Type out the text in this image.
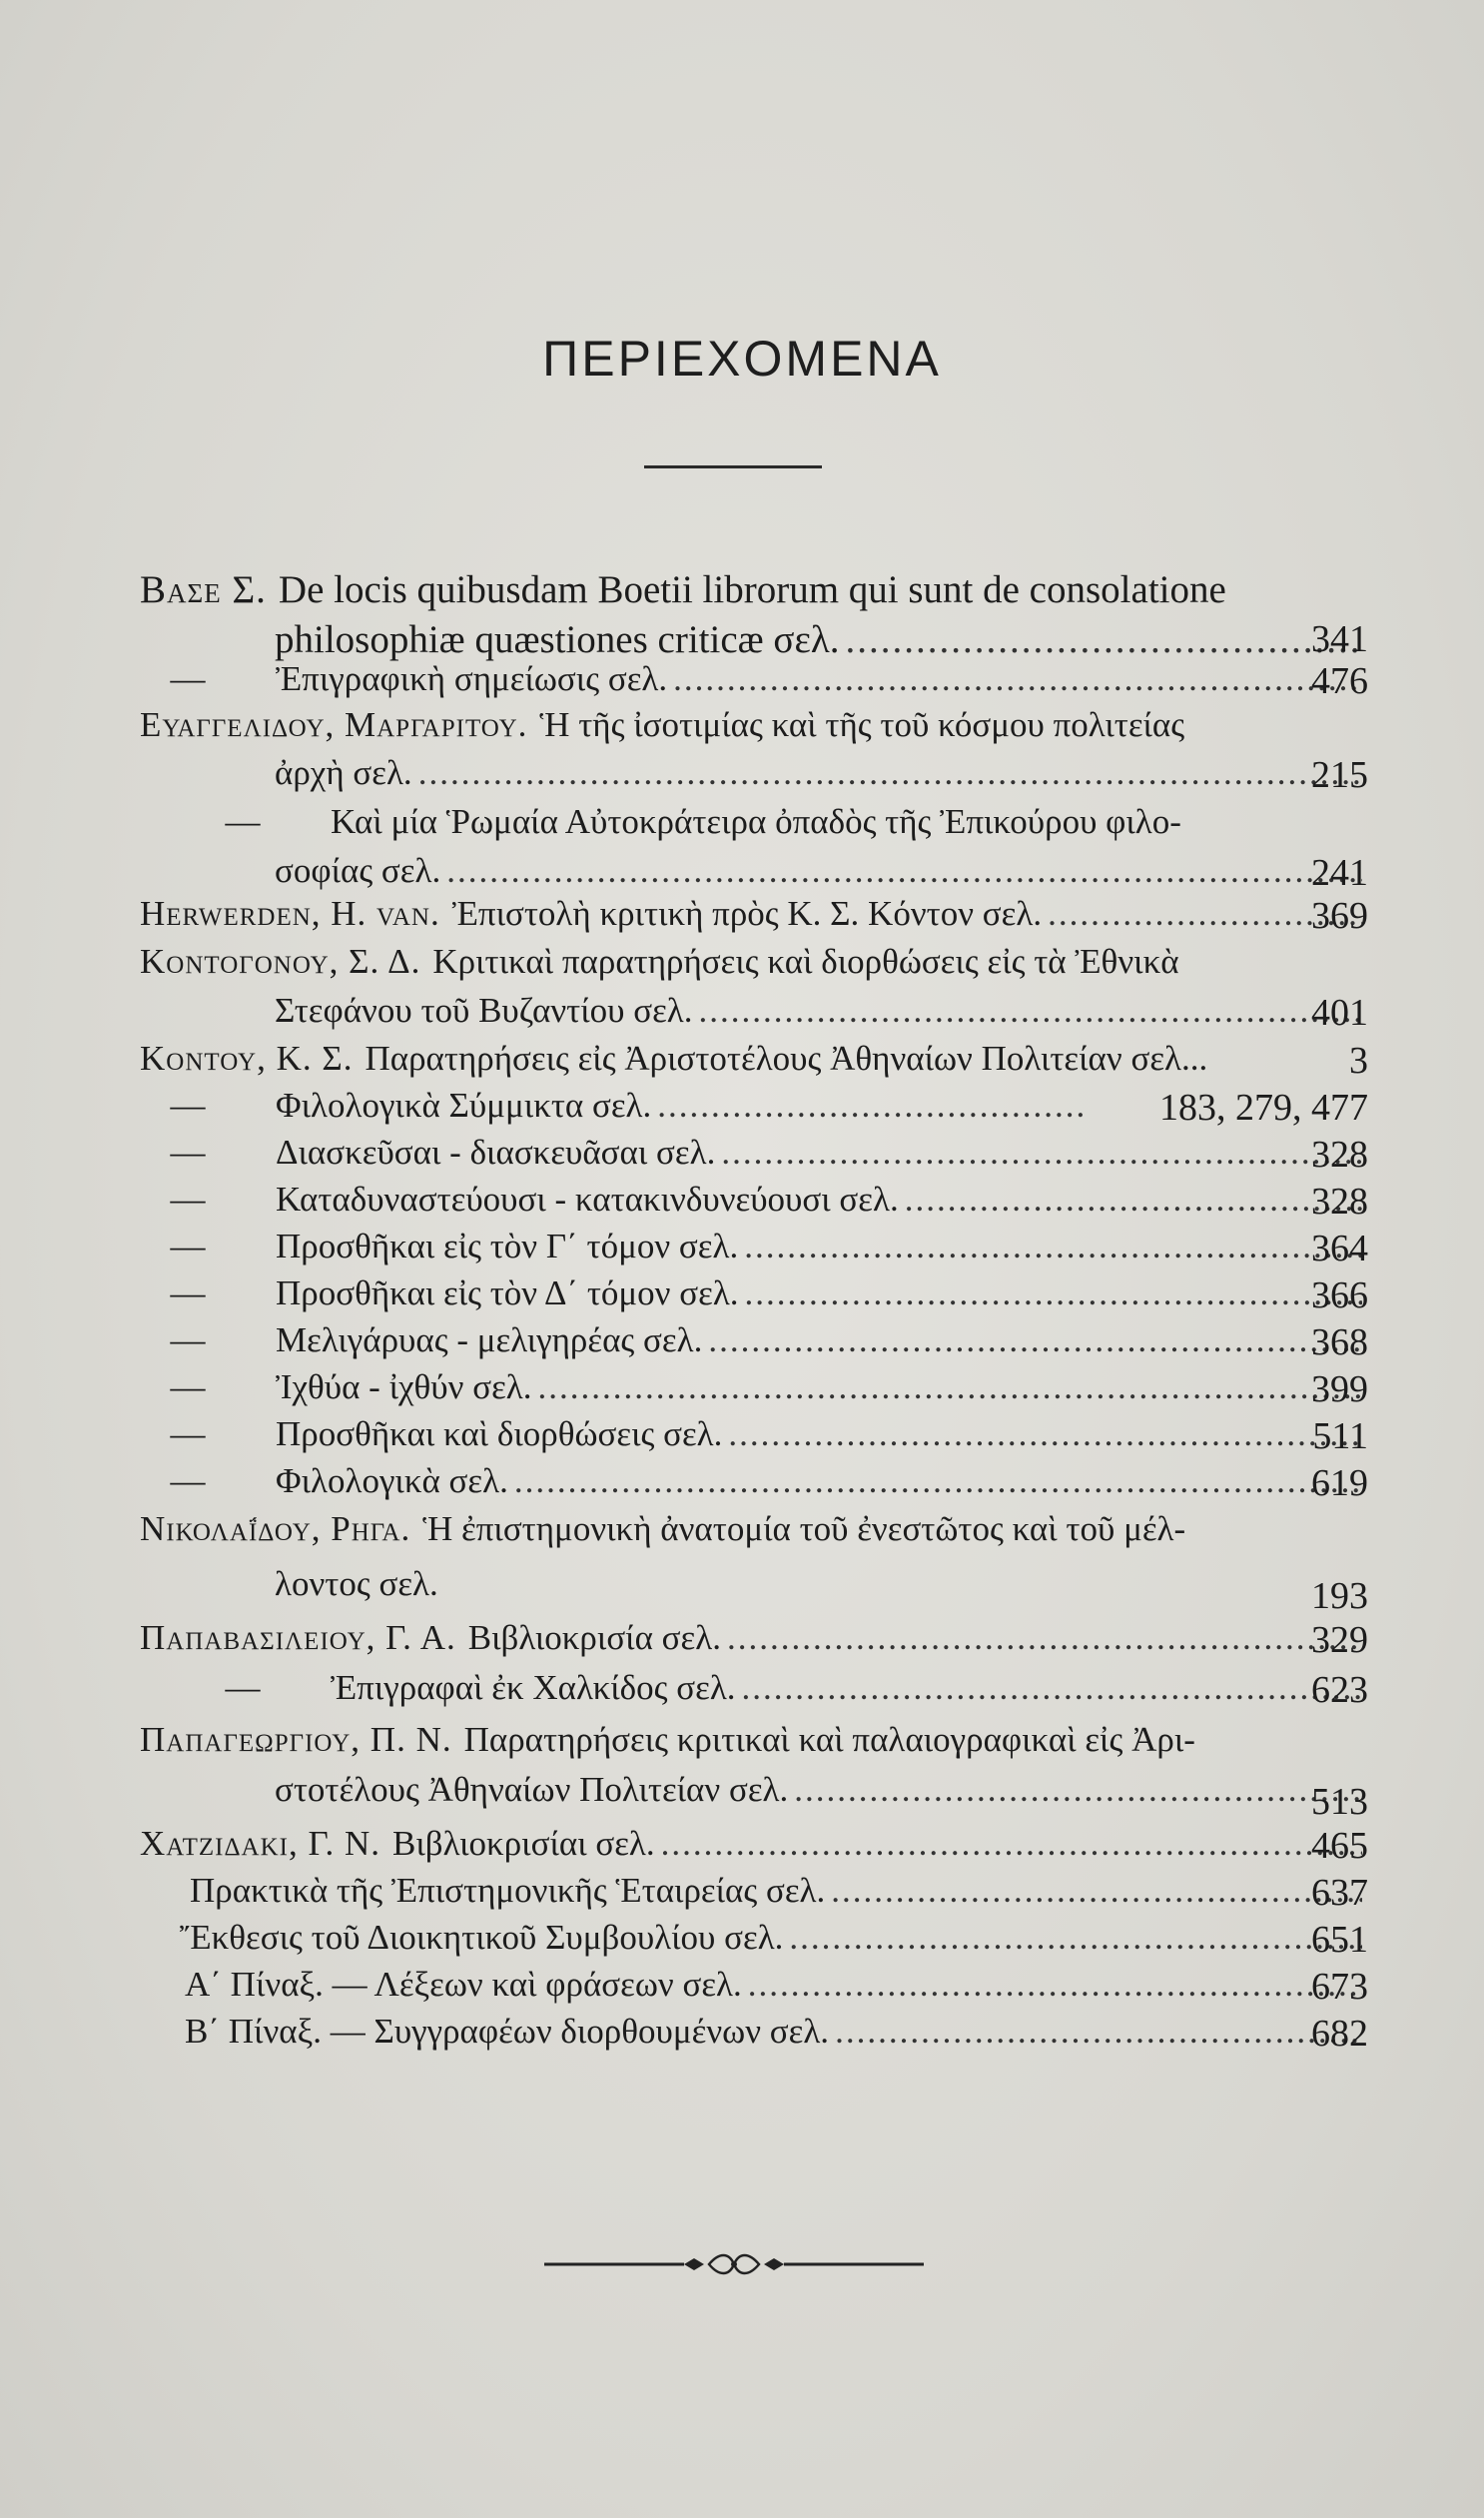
ΠΕΡΙΕΧΟΜΕΝΑ
Βασε Σ. De locis quibusdam Boetii librorum qui sunt de consolatione
philosophiæ quæstiones criticæ σελ. .....	341
—	Ἐπιγραφικὴ σημείωσις σελ. .....	476
Ευαγγελιδου, Μαργαριτου. Ἡ τῆς ἰσοτιμίας καὶ τῆς τοῦ κόσμου πολιτείας
ἀρχὴ σελ. .....	215
—	Καὶ μία Ῥωμαία Αὐτοκράτειρα ὀπαδὸς τῆς Ἐπικούρου φιλο-
σοφίας σελ. .....	241
Herwerden, H. van. Ἐπιστολὴ κριτικὴ πρὸς Κ. Σ. Κόντον σελ. .....	369
Κοντογονου, Σ. Δ. Κριτικαὶ παρατηρήσεις καὶ διορθώσεις εἰς τὰ Ἐθνικὰ
Στεφάνου τοῦ Βυζαντίου σελ. .....	401
Κοντου, Κ. Σ. Παρατηρήσεις εἰς Ἀριστοτέλους Ἀθηναίων Πολιτείαν σελ...	3
—	Φιλολογικὰ Σύμμικτα σελ. .....	183, 279, 477
—	Διασκεῦσαι - διασκευᾶσαι σελ. .....	328
—	Καταδυναστεύουσι - κατακινδυνεύουσι σελ. .....	328
—	Προσθῆκαι εἰς τὸν Γ΄ τόμον σελ. .....	364
—	Προσθῆκαι εἰς τὸν Δ΄ τόμον σελ. .....	366
—	Μελιγάρυας - μελιγηρέας σελ. .....	368
—	Ἰχθύα - ἰχθύν σελ. .....	399
—	Προσθῆκαι καὶ διορθώσεις σελ. .....	511
—	Φιλολογικὰ σελ. .....	619
Νικολαΐδου, Ρηγα. Ἡ ἐπιστημονικὴ ἀνατομία τοῦ ἐνεστῶτος καὶ τοῦ μέλ-
λοντος σελ.	193
Παπαβασιλειου, Γ. Α. Βιβλιοκρισία σελ. .....	329
—	Ἐπιγραφαὶ ἐκ Χαλκίδος σελ. .....	623
Παπαγεωργιου, Π. Ν. Παρατηρήσεις κριτικαὶ καὶ παλαιογραφικαὶ εἰς Ἀρι-
στοτέλους Ἀθηναίων Πολιτείαν σελ. .....	513
Χατζιδακι, Γ. Ν. Βιβλιοκρισίαι σελ. .....	465
Πρακτικὰ τῆς Ἐπιστημονικῆς Ἑταιρείας σελ. .....	637
Ἔκθεσις τοῦ Διοικητικοῦ Συμβουλίου σελ. .....	651
Α΄ Πίναξ. — Λέξεων καὶ φράσεων σελ. .....	673
Β΄ Πίναξ. — Συγγραφέων διορθουμένων σελ. .....	682
